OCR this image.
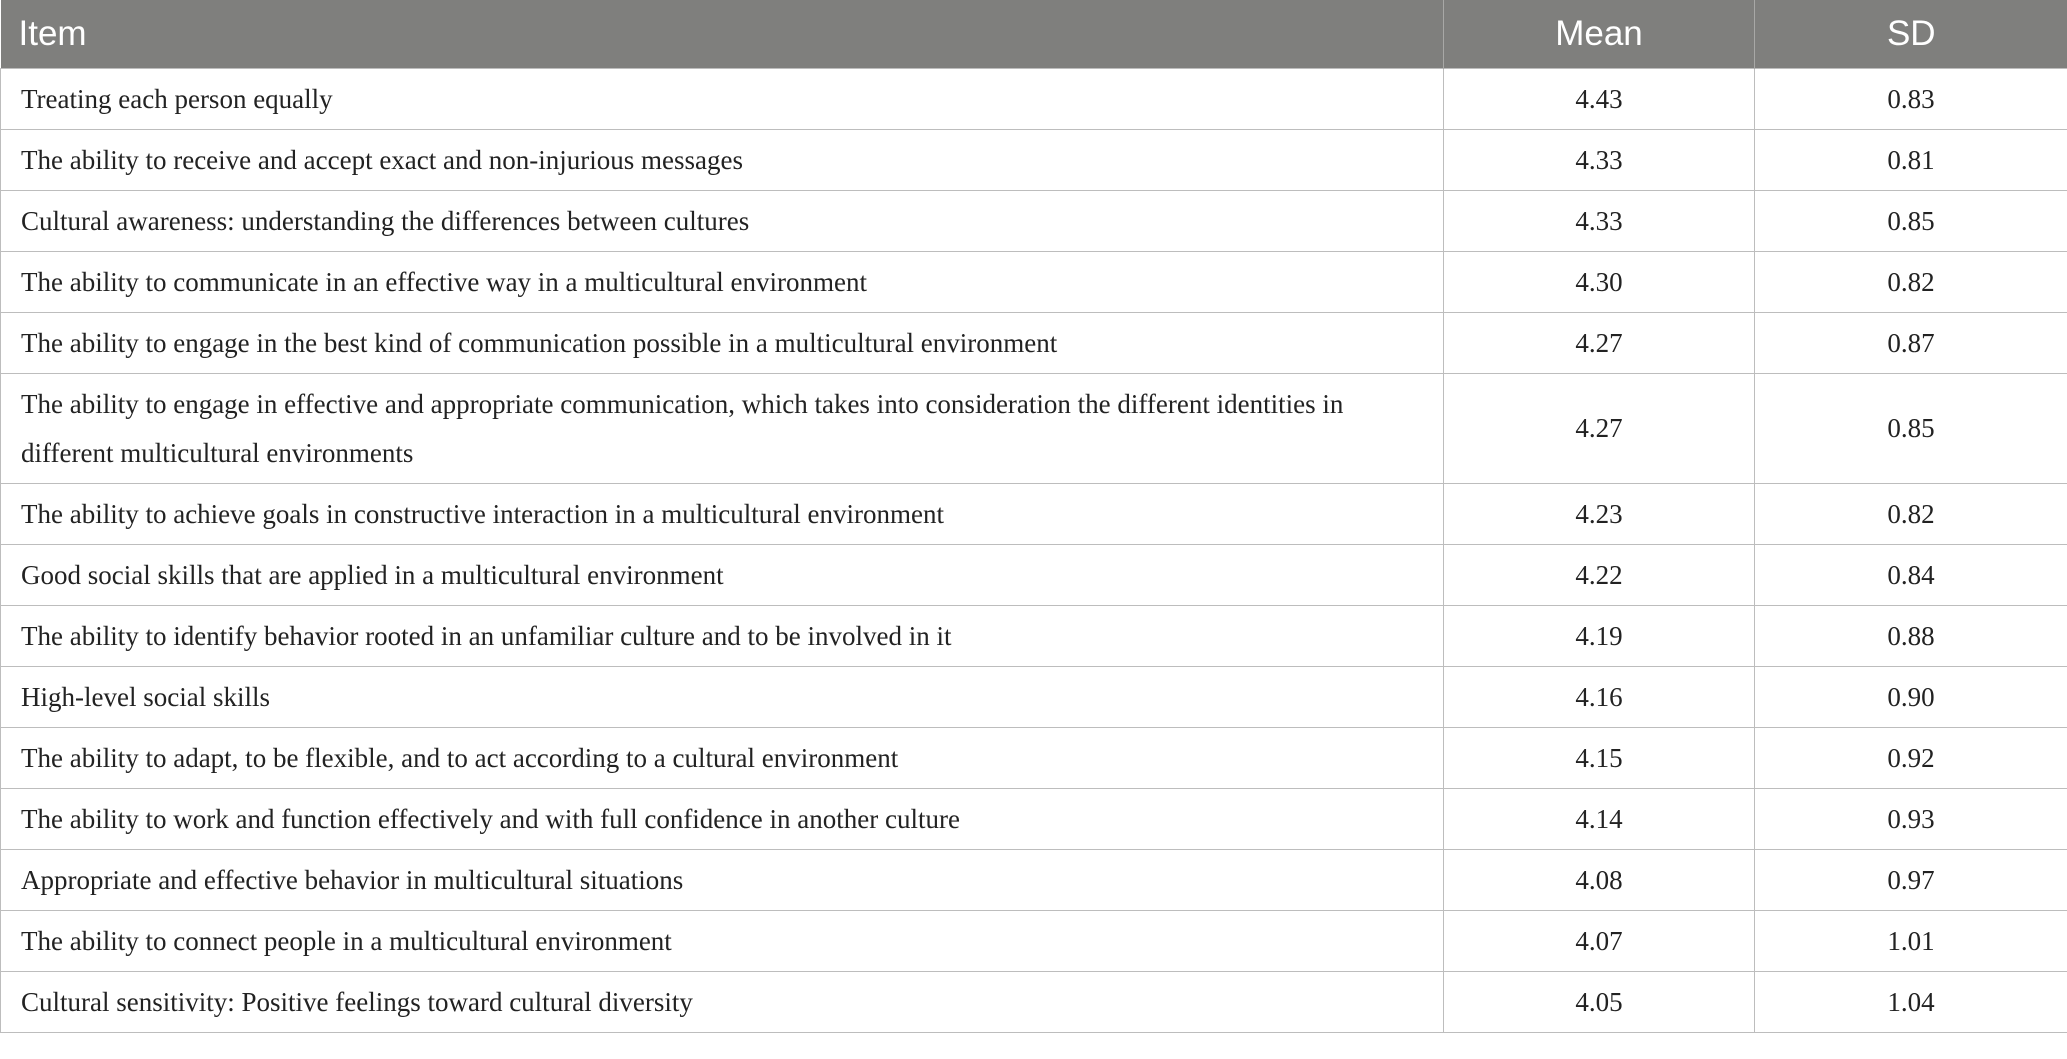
Item	Mean	SD
Treating each person equally	4.43	0.83
The ability to receive and accept exact and non-injurious messages	4.33	0.81
Cultural awareness: understanding the differences between cultures	4.33	0.85
The ability to communicate in an effective way in a multicultural environment	4.30	0.82
The ability to engage in the best kind of communication possible in a multicultural environment	4.27	0.87
The ability to engage in effective and appropriate communication, which takes into consideration the different identities in different multicultural environments	4.27	0.85
The ability to achieve goals in constructive interaction in a multicultural environment	4.23	0.82
Good social skills that are applied in a multicultural environment	4.22	0.84
The ability to identify behavior rooted in an unfamiliar culture and to be involved in it	4.19	0.88
High-level social skills	4.16	0.90
The ability to adapt, to be flexible, and to act according to a cultural environment	4.15	0.92
The ability to work and function effectively and with full confidence in another culture	4.14	0.93
Appropriate and effective behavior in multicultural situations	4.08	0.97
The ability to connect people in a multicultural environment	4.07	1.01
Cultural sensitivity: Positive feelings toward cultural diversity	4.05	1.04
